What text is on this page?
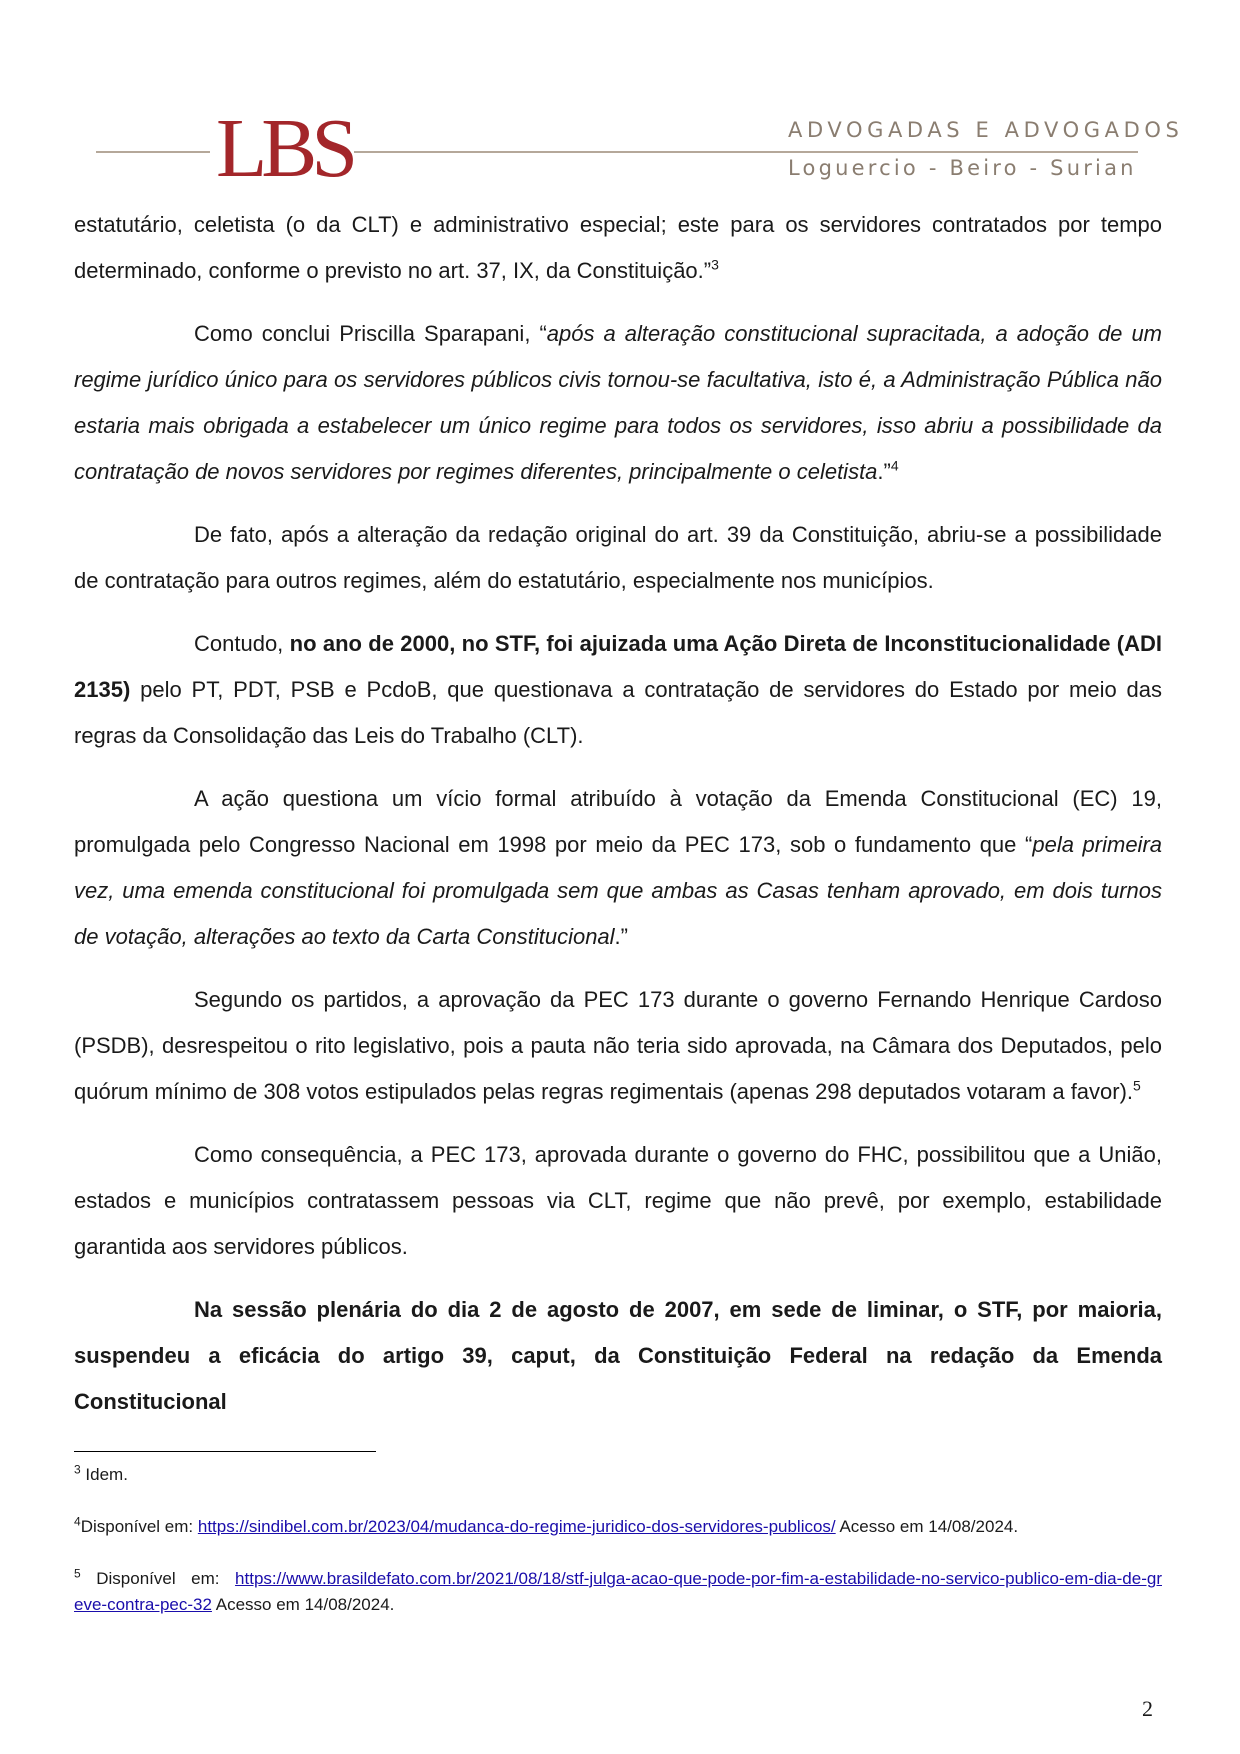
LBS	ADVOGADAS E ADVOGADOS
Loguercio - Beiro - Surian

estatutário, celetista (o da CLT) e administrativo especial; este para os servidores contratados por tempo determinado, conforme o previsto no art. 37, IX, da Constituição.”$^3$

Como conclui Priscilla Sparapani, “após a alteração constitucional supracitada, a adoção de um regime jurídico único para os servidores públicos civis tornou-se facultativa, isto é, a Administração Pública não estaria mais obrigada a estabelecer um único regime para todos os servidores, isso abriu a possibilidade da contratação de novos servidores por regimes diferentes, principalmente o celetista.”$^4$

De fato, após a alteração da redação original do art. 39 da Constituição, abriu-se a possibilidade de contratação para outros regimes, além do estatutário, especialmente nos municípios.

Contudo, no ano de 2000, no STF, foi ajuizada uma Ação Direta de Inconstitucionalidade (ADI 2135) pelo PT, PDT, PSB e PcdoB, que questionava a contratação de servidores do Estado por meio das regras da Consolidação das Leis do Trabalho (CLT).

A ação questiona um vício formal atribuído à votação da Emenda Constitucional (EC) 19, promulgada pelo Congresso Nacional em 1998 por meio da PEC 173, sob o fundamento que “pela primeira vez, uma emenda constitucional foi promulgada sem que ambas as Casas tenham aprovado, em dois turnos de votação, alterações ao texto da Carta Constitucional.”

Segundo os partidos, a aprovação da PEC 173 durante o governo Fernando Henrique Cardoso (PSDB), desrespeitou o rito legislativo, pois a pauta não teria sido aprovada, na Câmara dos Deputados, pelo quórum mínimo de 308 votos estipulados pelas regras regimentais (apenas 298 deputados votaram a favor).$^5$

Como consequência, a PEC 173, aprovada durante o governo do FHC, possibilitou que a União, estados e municípios contratassem pessoas via CLT, regime que não prevê, por exemplo, estabilidade garantida aos servidores públicos.

Na sessão plenária do dia 2 de agosto de 2007, em sede de liminar, o STF, por maioria, suspendeu a eficácia do artigo 39, caput, da Constituição Federal na redação da Emenda Constitucional

$^3$ Idem.

$^4$Disponível em: https://sindibel.com.br/2023/04/mudanca-do-regime-juridico-dos-servidores-publicos/ Acesso em 14/08/2024.

$^5$ Disponível em: https://www.brasildefato.com.br/2021/08/18/stf-julga-acao-que-pode-por-fim-a-estabilidade-no-servico-publico-em-dia-de-greve-contra-pec-32 Acesso em 14/08/2024.

2
